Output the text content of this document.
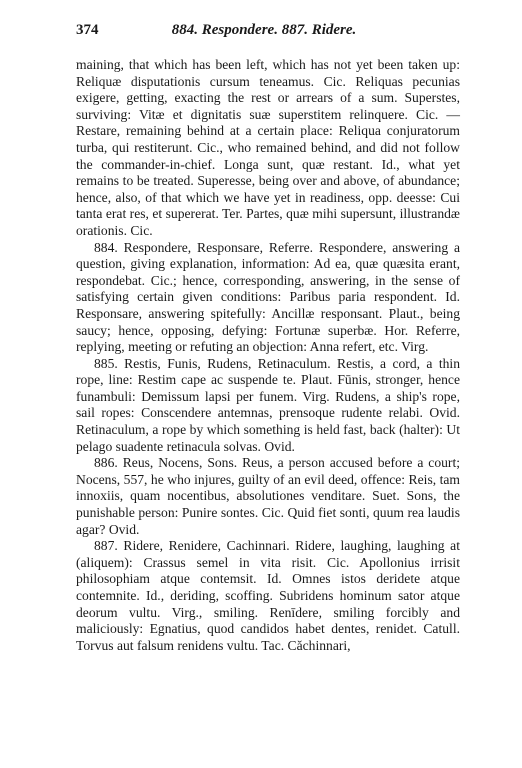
374	884. Respondere. 887. Ridere.

maining, that which has been left, which has not yet been taken up: Reliquæ disputationis cursum teneamus. Cic. Reliquas pecunias exigere, getting, exacting the rest or arrears of a sum. Superstes, surviving: Vitæ et dignitatis suæ superstitem relinquere. Cic. — Restare, remaining behind at a certain place: Reliqua conjuratorum turba, qui restiterunt. Cic., who remained behind, and did not follow the commander-in-chief. Longa sunt, quæ restant. Id., what yet remains to be treated. Superesse, being over and above, of abundance; hence, also, of that which we have yet in readiness, opp. deesse: Cui tanta erat res, et supererat. Ter. Partes, quæ mihi supersunt, illustrandæ orationis. Cic.

884. Respondere, Responsare, Referre. Respondere, answering a question, giving explanation, information: Ad ea, quæ quæsita erant, respondebat. Cic.; hence, corresponding, answering, in the sense of satisfying certain given conditions: Paribus paria respondent. Id. Responsare, answering spitefully: Ancillæ responsant. Plaut., being saucy; hence, opposing, defying: Fortunæ superbæ. Hor. Referre, replying, meeting or refuting an objection: Anna refert, etc. Virg.

885. Restis, Funis, Rudens, Retinaculum. Restis, a cord, a thin rope, line: Restim cape ac suspende te. Plaut. Fūnis, stronger, hence funambuli: Demissum lapsi per funem. Virg. Rudens, a ship's rope, sail ropes: Conscendere antemnas, prensoque rudente relabi. Ovid. Retinaculum, a rope by which something is held fast, back (halter): Ut pelago suadente retinacula solvas. Ovid.

886. Reus, Nocens, Sons. Reus, a person accused before a court; Nocens, 557, he who injures, guilty of an evil deed, offence: Reis, tam innoxiis, quam nocentibus, absolutiones venditare. Suet. Sons, the punishable person: Punire sontes. Cic. Quid fiet sonti, quum rea laudis agar? Ovid.

887. Ridere, Renidere, Cachinnari. Ridere, laughing, laughing at (aliquem): Crassus semel in vita risit. Cic. Apollonius irrisit philosophiam atque contemsit. Id. Omnes istos deridete atque contemnite. Id., deriding, scoffing. Subridens hominum sator atque deorum vultu. Virg., smiling. Renīdere, smiling forcibly and maliciously: Egnatius, quod candidos habet dentes, renidet. Catull. Torvus aut falsum renidens vultu. Tac. Căchinnari,
